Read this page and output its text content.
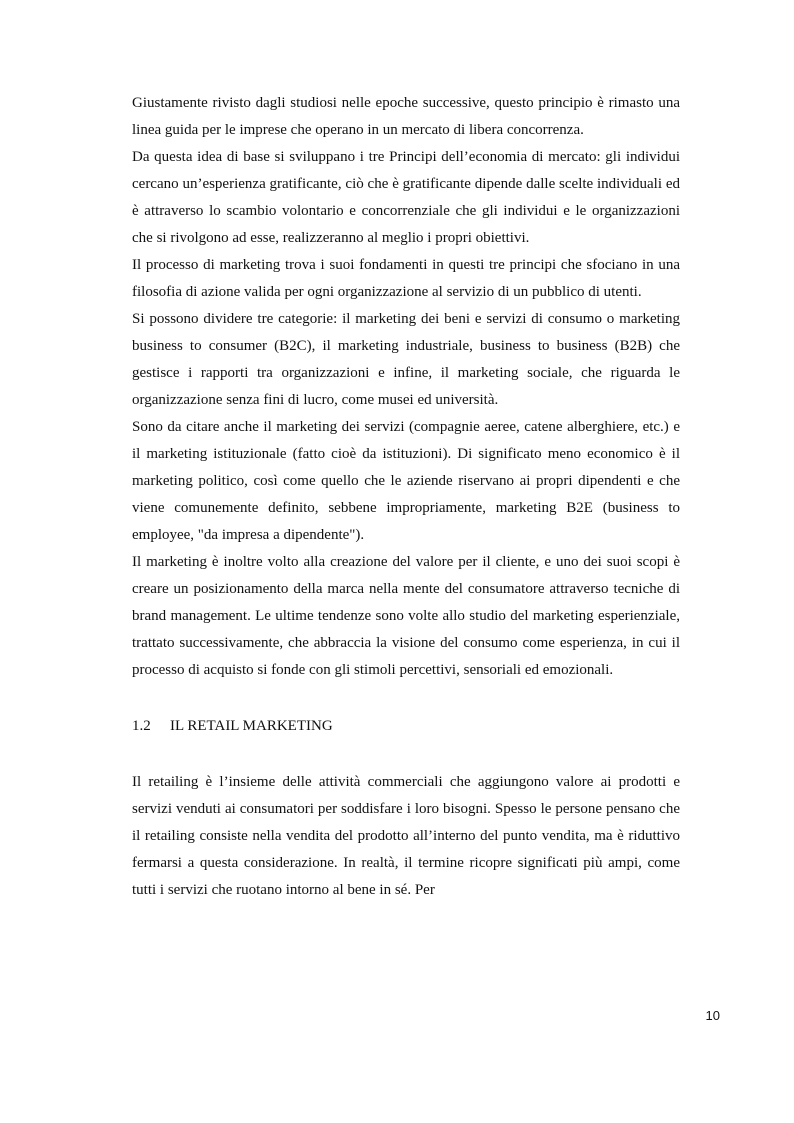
Giustamente rivisto dagli studiosi nelle epoche successive, questo principio è rimasto una linea guida per le imprese che operano in un mercato di libera concorrenza.

Da questa idea di base si sviluppano i tre Principi dell’economia di mercato: gli individui cercano un’esperienza gratificante, ciò che è gratificante dipende dalle scelte individuali ed è attraverso lo scambio volontario e concorrenziale che gli individui e le organizzazioni che si rivolgono ad esse, realizzeranno al meglio i propri obiettivi.

Il processo di marketing trova i suoi fondamenti in questi tre principi che sfociano in una filosofia di azione valida per ogni organizzazione al servizio di un pubblico di utenti.

Si possono dividere tre categorie: il marketing dei beni e servizi di consumo o marketing business to consumer (B2C), il marketing industriale, business to business (B2B) che gestisce i rapporti tra organizzazioni e infine, il marketing sociale, che riguarda le organizzazione senza fini di lucro, come musei ed università.

Sono da citare anche il marketing dei servizi (compagnie aeree, catene alberghiere, etc.) e il marketing istituzionale (fatto cioè da istituzioni). Di significato meno economico è il marketing politico, così come quello che le aziende riservano ai propri dipendenti e che viene comunemente definito, sebbene impropriamente, marketing B2E (business to employee, "da impresa a dipendente").

Il marketing è inoltre volto alla creazione del valore per il cliente, e uno dei suoi scopi è creare un posizionamento della marca nella mente del consumatore attraverso tecniche di brand management. Le ultime tendenze sono volte allo studio del marketing esperienziale, trattato successivamente, che abbraccia la visione del consumo come esperienza, in cui il processo di acquisto si fonde con gli stimoli percettivi, sensoriali ed emozionali.

1.2 IL RETAIL MARKETING

Il retailing è l’insieme delle attività commerciali che aggiungono valore ai prodotti e servizi venduti ai consumatori per soddisfare i loro bisogni. Spesso le persone pensano che il retailing consiste nella vendita del prodotto all’interno del punto vendita, ma è riduttivo fermarsi a questa considerazione. In realtà, il termine ricopre significati più ampi, come tutti i servizi che ruotano intorno al bene in sé. Per

10
